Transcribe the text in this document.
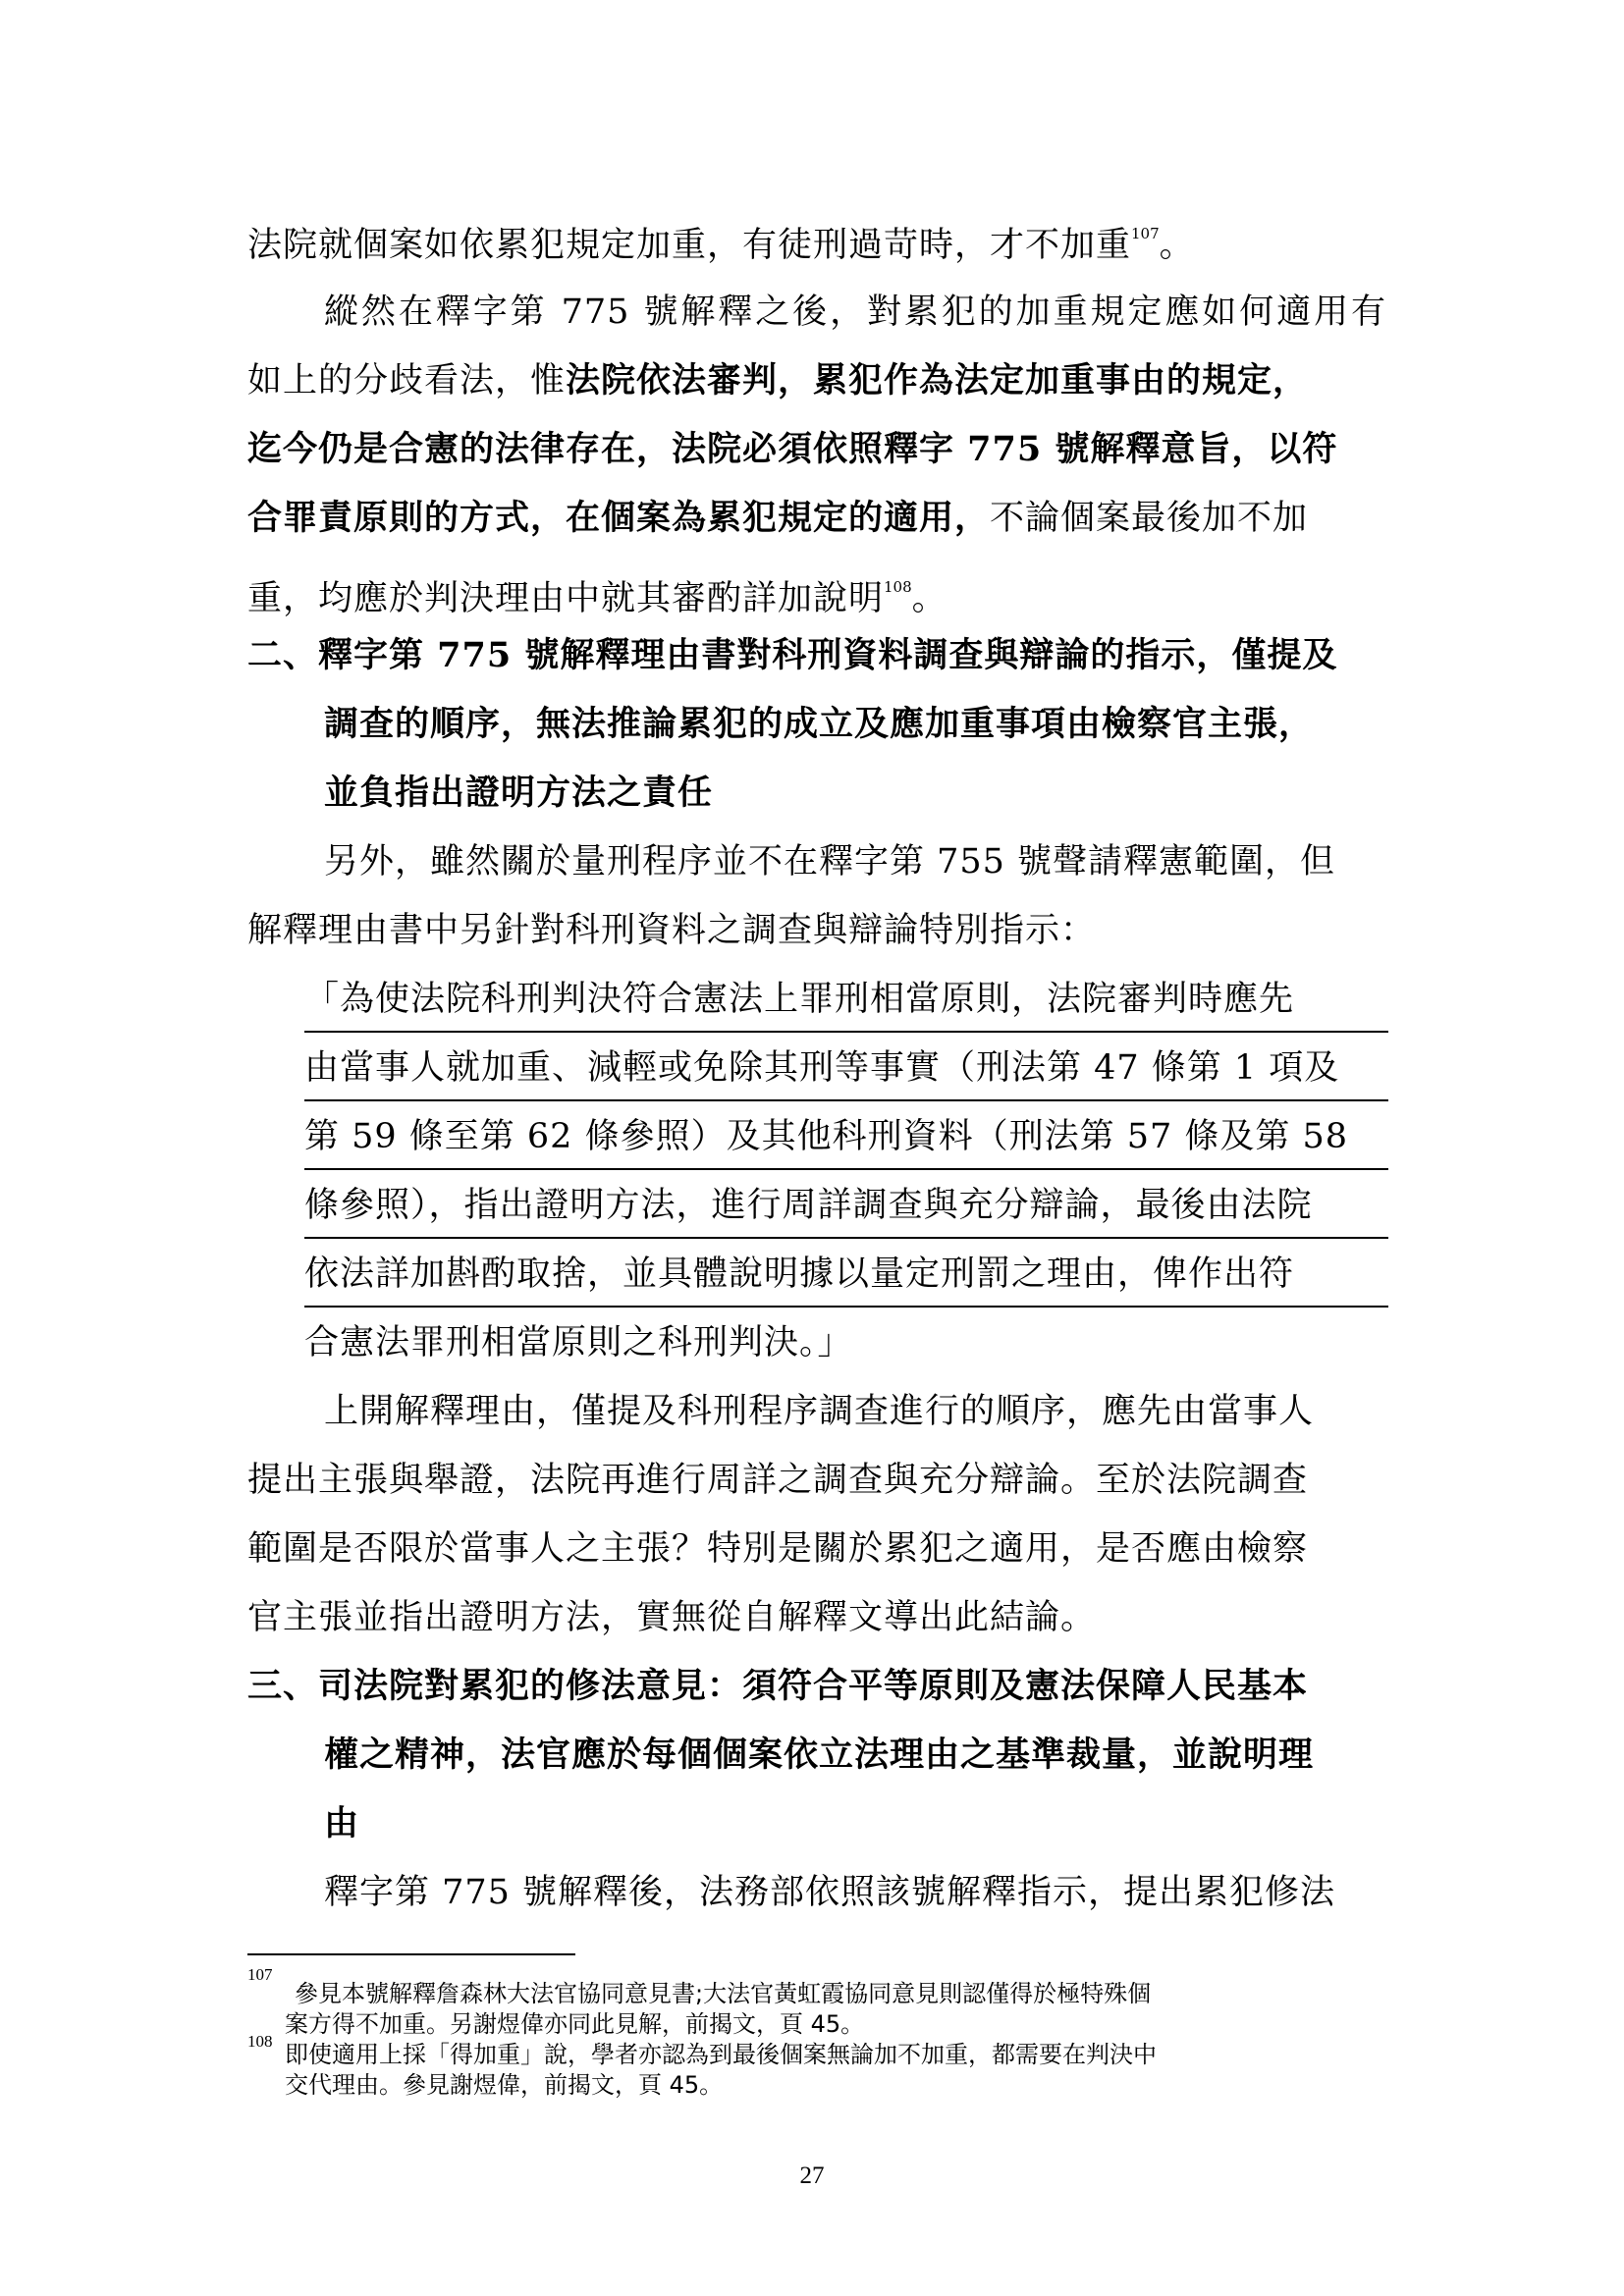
法院就個案如依累犯規定加重，有徒刑過苛時，才不加重$^{107}$。
縱然在釋字第 775 號解釋之後，對累犯的加重規定應如何適用有
如上的分歧看法，惟法院依法審判，累犯作為法定加重事由的規定，
迄今仍是合憲的法律存在，法院必須依照釋字 775 號解釋意旨，以符
合罪責原則的方式，在個案為累犯規定的適用，不論個案最後加不加
重，均應於判決理由中就其審酌詳加說明$^{108}$。
二、釋字第 775 號解釋理由書對科刑資料調查與辯論的指示，僅提及
調查的順序，無法推論累犯的成立及應加重事項由檢察官主張，
並負指出證明方法之責任
另外，雖然關於量刑程序並不在釋字第 755 號聲請釋憲範圍，但
解釋理由書中另針對科刑資料之調查與辯論特別指示：
「為使法院科刑判決符合憲法上罪刑相當原則，法院審判時應先
由當事人就加重、減輕或免除其刑等事實（刑法第 47 條第 1 項及
第 59 條至第 62 條參照）及其他科刑資料（刑法第 57 條及第 58
條參照），指出證明方法，進行周詳調查與充分辯論，最後由法院
依法詳加斟酌取捨，並具體說明據以量定刑罰之理由，俾作出符
合憲法罪刑相當原則之科刑判決。」
上開解釋理由，僅提及科刑程序調查進行的順序，應先由當事人
提出主張與舉證，法院再進行周詳之調查與充分辯論。至於法院調查
範圍是否限於當事人之主張？特別是關於累犯之適用，是否應由檢察
官主張並指出證明方法，實無從自解釋文導出此結論。
三、司法院對累犯的修法意見：須符合平等原則及憲法保障人民基本
權之精神，法官應於每個個案依立法理由之基準裁量，並說明理
由
釋字第 775 號解釋後，法務部依照該號解釋指示，提出累犯修法
107
參見本號解釋詹森林大法官協同意見書;大法官黃虹霞協同意見則認僅得於極特殊個
案方得不加重。另謝煜偉亦同此見解，前揭文，頁 45。
108 即使適用上採「得加重」說，學者亦認為到最後個案無論加不加重，都需要在判決中
交代理由。參見謝煜偉，前揭文，頁 45。
27
